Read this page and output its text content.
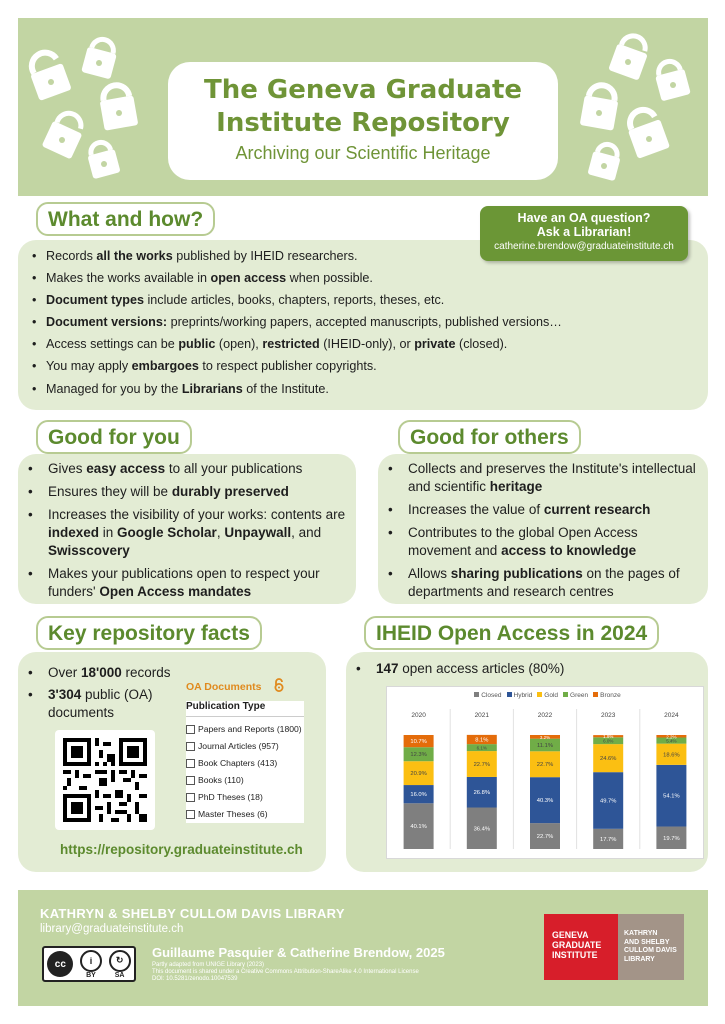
The Geneva Graduate
Institute Repository
Archiving our Scientific Heritage
• Records all the works published by IHEID researchers.
• Makes the works available in open access when possible.
• Document types include articles, books, chapters, reports, theses, etc.
• Document versions: preprints/working papers, accepted manuscripts, published versions…
• Access settings can be public (open), restricted (IHEID-only), or private (closed).
• You may apply embargoes to respect publisher copyrights.
• Managed for you by the Librarians of the Institute.
What and how?	Have an OA question?
Ask a Librarian!
catherine.brendow@graduateinstitute.ch
• Gives easy access to all your publications
• Ensures they will be durably preserved
• Increases the visibility of your works: contents are indexed in Google Scholar, Unpaywall, and Swisscovery
• Makes your publications open to respect your funders' Open Access mandates
Good for you
• Collects and preserves the Institute's intellectual and scientific heritage
• Increases the value of current research
• Contributes to the global Open Access movement and access to knowledge
• Allows sharing publications on the pages of departments and research centres
Good for others
Key repository facts
• Over 18'000 records
• 3'304 public (OA) documents
OA Documents
Publication Type
Papers and Reports (1800)
Journal Articles (957)
Book Chapters (413)
Books (110)
PhD Theses (18)
Master Theses (6)
https://repository.graduateinstitute.ch
IHEID Open Access in 2024
• 147 open access articles (80%)
Closed Hybrid Gold Green Bronze
2020
40.1%
16.0%
20.9%
12.3%
10.7%
2021
36.4%
26.8%
22.7%
6.1%
8.1%
2022
22.7%
40.3%
22.7%
11.1%
3.2%
2023
17.7%
49.7%
24.6%
6.0%
1.9%
2024
19.7%
54.1%
18.6%
5.4%
2.2%
KATHRYN & SHELBY CULLOM DAVIS LIBRARY
library@graduateinstitute.ch
cc	i
BY
↻
SA
Guillaume Pasquier & Catherine Brendow, 2025
Partly adapted from UNIGE Library (2023)
This document is shared under a Creative Commons Attribution-ShareAlike 4.0 International License
DOI: 10.5281/zenodo.10047539
GENEVA
GRADUATE
INSTITUTE
KATHRYN
AND SHELBY
CULLOM DAVIS
LIBRARY
